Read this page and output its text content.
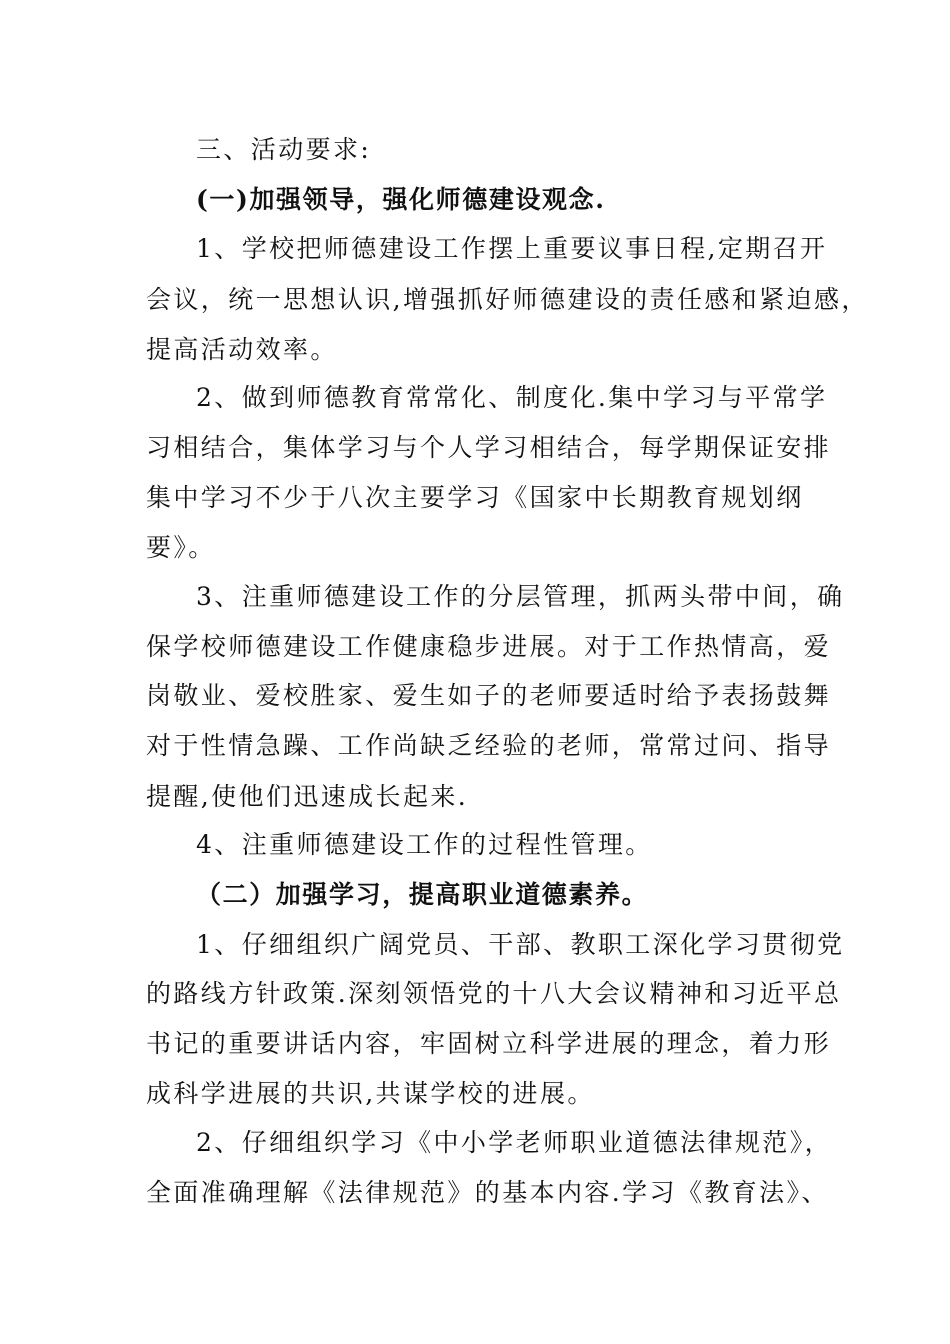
三、活动要求:
(一)加强领导，强化师德建设观念.
1、学校把师德建设工作摆上重要议事日程,定期召开
会议，统一思想认识,增强抓好师德建设的责任感和紧迫感，
提高活动效率。
2、做到师德教育常常化、制度化.集中学习与平常学
习相结合，集体学习与个人学习相结合，每学期保证安排
集中学习不少于八次主要学习《国家中长期教育规划纲
要》。
3、注重师德建设工作的分层管理，抓两头带中间，确
保学校师德建设工作健康稳步进展。对于工作热情高，爱
岗敬业、爱校胜家、爱生如子的老师要适时给予表扬鼓舞
对于性情急躁、工作尚缺乏经验的老师，常常过问、指导
提醒,使他们迅速成长起来.
4、注重师德建设工作的过程性管理。
（二）加强学习，提高职业道德素养。
1、仔细组织广阔党员、干部、教职工深化学习贯彻党
的路线方针政策.深刻领悟党的十八大会议精神和习近平总
书记的重要讲话内容，牢固树立科学进展的理念，着力形
成科学进展的共识,共谋学校的进展。
2、仔细组织学习《中小学老师职业道德法律规范》，
全面准确理解《法律规范》的基本内容.学习《教育法》、
